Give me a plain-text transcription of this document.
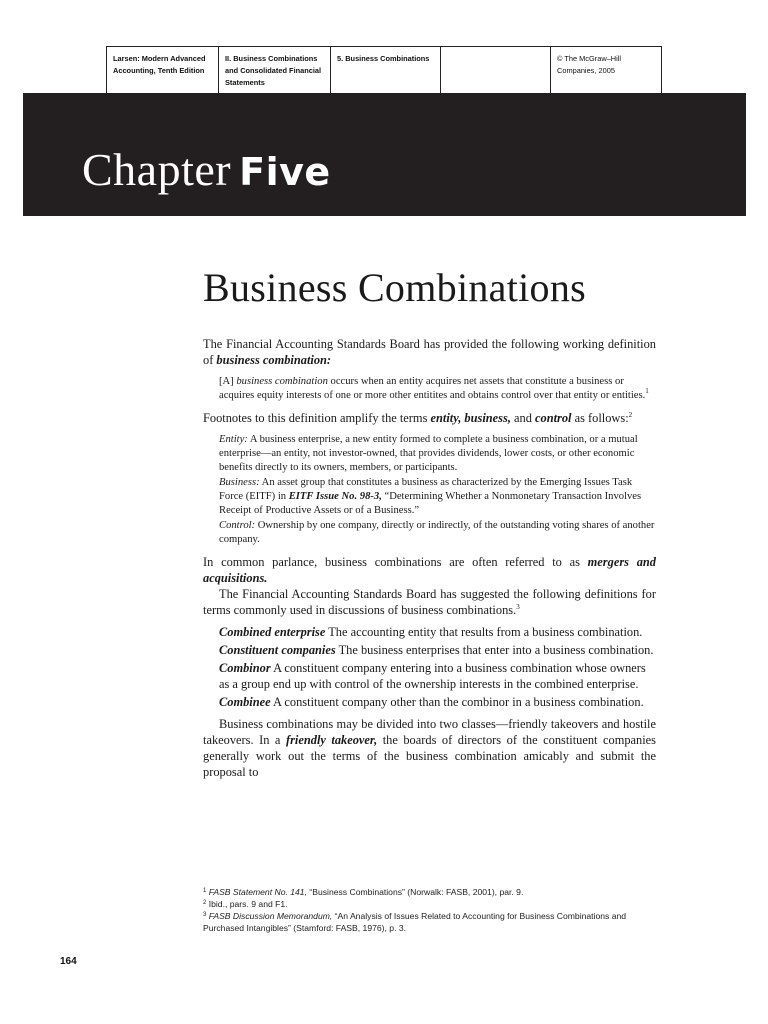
Larsen: Modern Advanced
Accounting, Tenth Edition
II. Business Combinations
and Consolidated Financial
Statements
5. Business Combinations	© The McGraw–Hill
Companies, 2005
Chapter Five
Business Combinations

The Financial Accounting Standards Board has provided the following working definition of business combination:

[A] business combination occurs when an entity acquires net assets that constitute a business or acquires equity interests of one or more other entitites and obtains control over that entity or entities.$^1$

Footnotes to this definition amplify the terms entity, business, and control as follows:$^2$

Entity: A business enterprise, a new entity formed to complete a business combination, or a mutual enterprise—an entity, not investor-owned, that provides dividends, lower costs, or other economic benefits directly to its owners, members, or participants.

Business: An asset group that constitutes a business as characterized by the Emerging Issues Task Force (EITF) in EITF Issue No. 98-3, “Determining Whether a Nonmonetary Transaction Involves Receipt of Productive Assets or of a Business.”

Control: Ownership by one company, directly or indirectly, of the outstanding voting shares of another company.

In common parlance, business combinations are often referred to as mergers and acquisitions.

The Financial Accounting Standards Board has suggested the following definitions for terms commonly used in discussions of business combinations.$^3$

Combined enterprise The accounting entity that results from a business combination.

Constituent companies The business enterprises that enter into a business combination.

Combinor A constituent company entering into a business combination whose owners as a group end up with control of the ownership interests in the combined enterprise.

Combinee A constituent company other than the combinor in a business combination.

Business combinations may be divided into two classes—friendly takeovers and hostile takeovers. In a friendly takeover, the boards of directors of the constituent companies generally work out the terms of the business combination amicably and submit the proposal to

$^1$ FASB Statement No. 141, “Business Combinations” (Norwalk: FASB, 2001), par. 9.

$^2$ Ibid., pars. 9 and F1.

$^3$ FASB Discussion Memorandum, “An Analysis of Issues Related to Accounting for Business Combinations and Purchased Intangibles” (Stamford: FASB, 1976), p. 3.

164
